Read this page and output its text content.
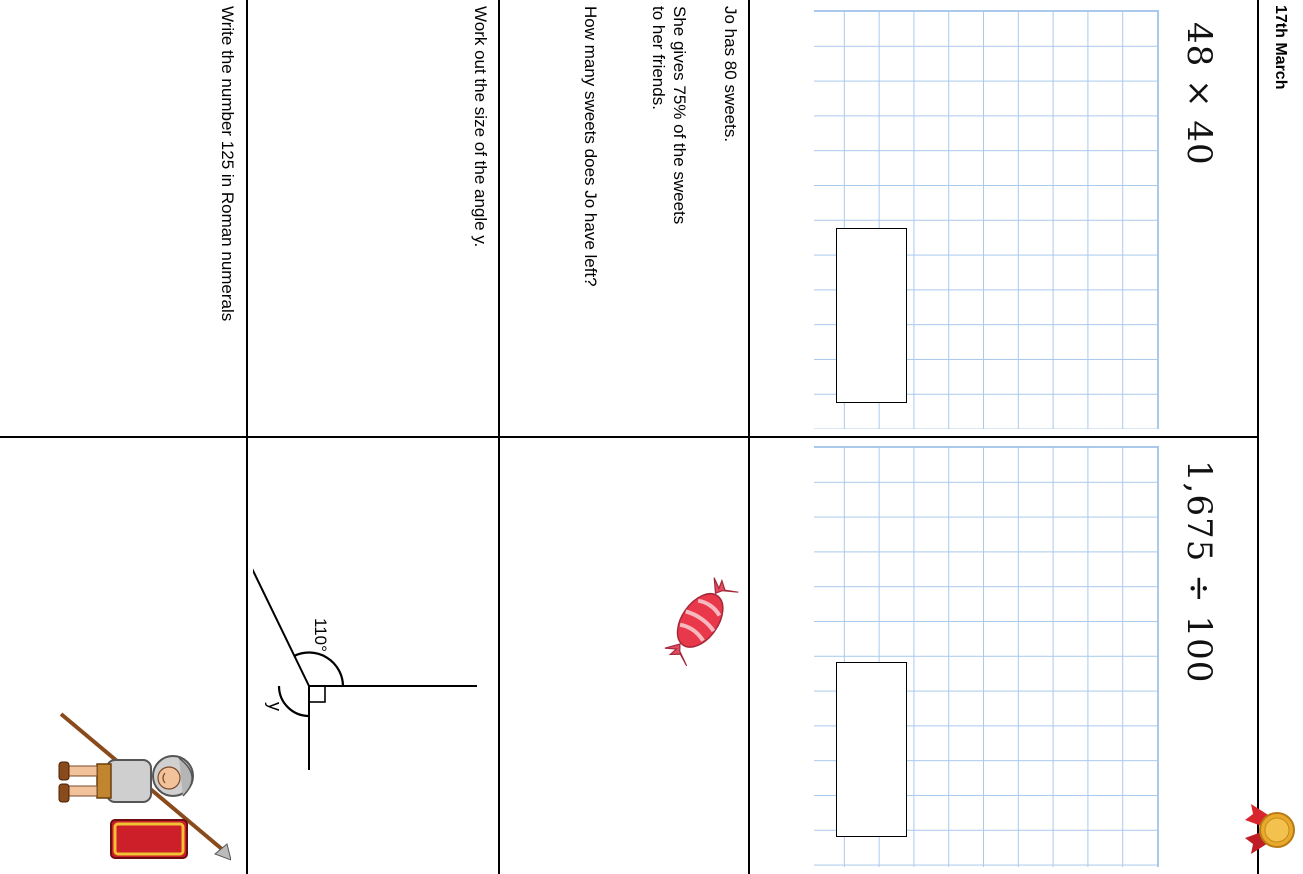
17th March
48 × 40
1,675 ÷ 100
Jo has 80 sweets.
She gives 75% of the sweets to her friends.
How many sweets does Jo have left?
Work out the size of the angle y.
110°
y
Write the number 125 in Roman numerals
